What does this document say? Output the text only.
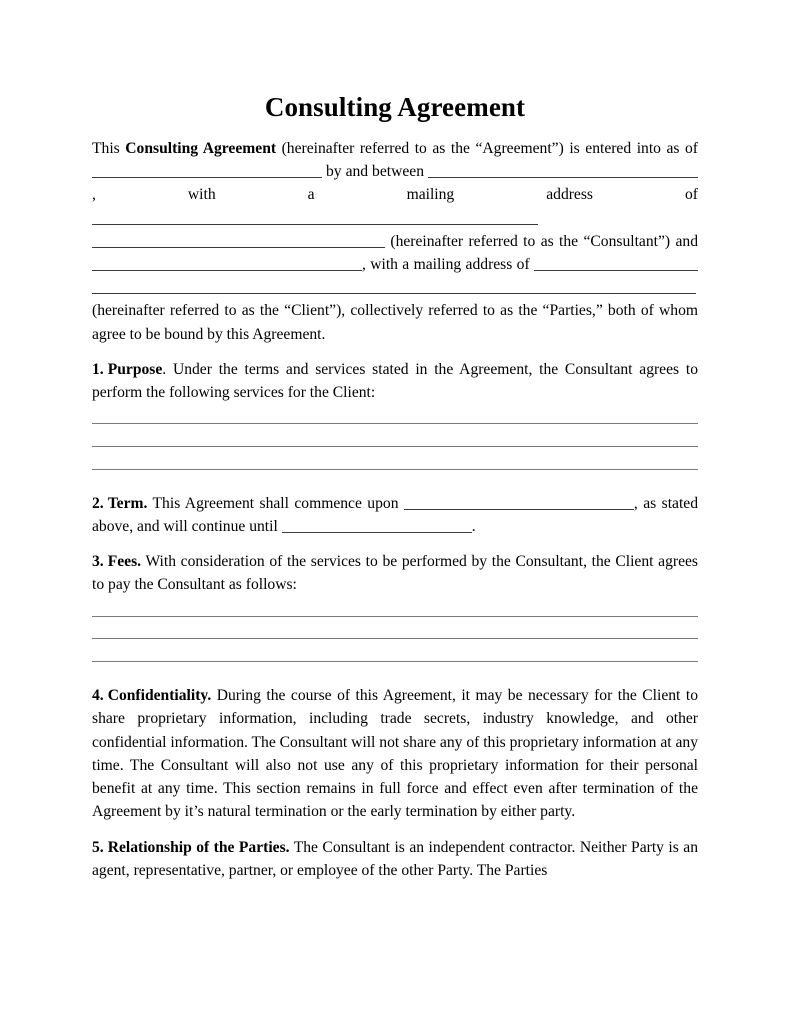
Consulting Agreement

This Consulting Agreement (hereinafter referred to as the “Agreement”) is entered into as of  by and between , with a mailing address of  (hereinafter referred to as the “Consultant”) and , with a mailing address of

(hereinafter referred to as the “Client”), collectively referred to as the “Parties,” both of whom agree to be bound by this Agreement.

1. Purpose. Under the terms and services stated in the Agreement, the Consultant agrees to perform the following services for the Client:

2. Term. This Agreement shall commence upon	, as stated above, and will continue until	.

3. Fees. With consideration of the services to be performed by the Consultant, the Client agrees to pay the Consultant as follows:

4. Confidentiality. During the course of this Agreement, it may be necessary for the Client to share proprietary information, including trade secrets, industry knowledge, and other confidential information. The Consultant will not share any of this proprietary information at any time. The Consultant will also not use any of this proprietary information for their personal benefit at any time. This section remains in full force and effect even after termination of the Agreement by it’s natural termination or the early termination by either party.

5. Relationship of the Parties. The Consultant is an independent contractor. Neither Party is an agent, representative, partner, or employee of the other Party. The Parties
